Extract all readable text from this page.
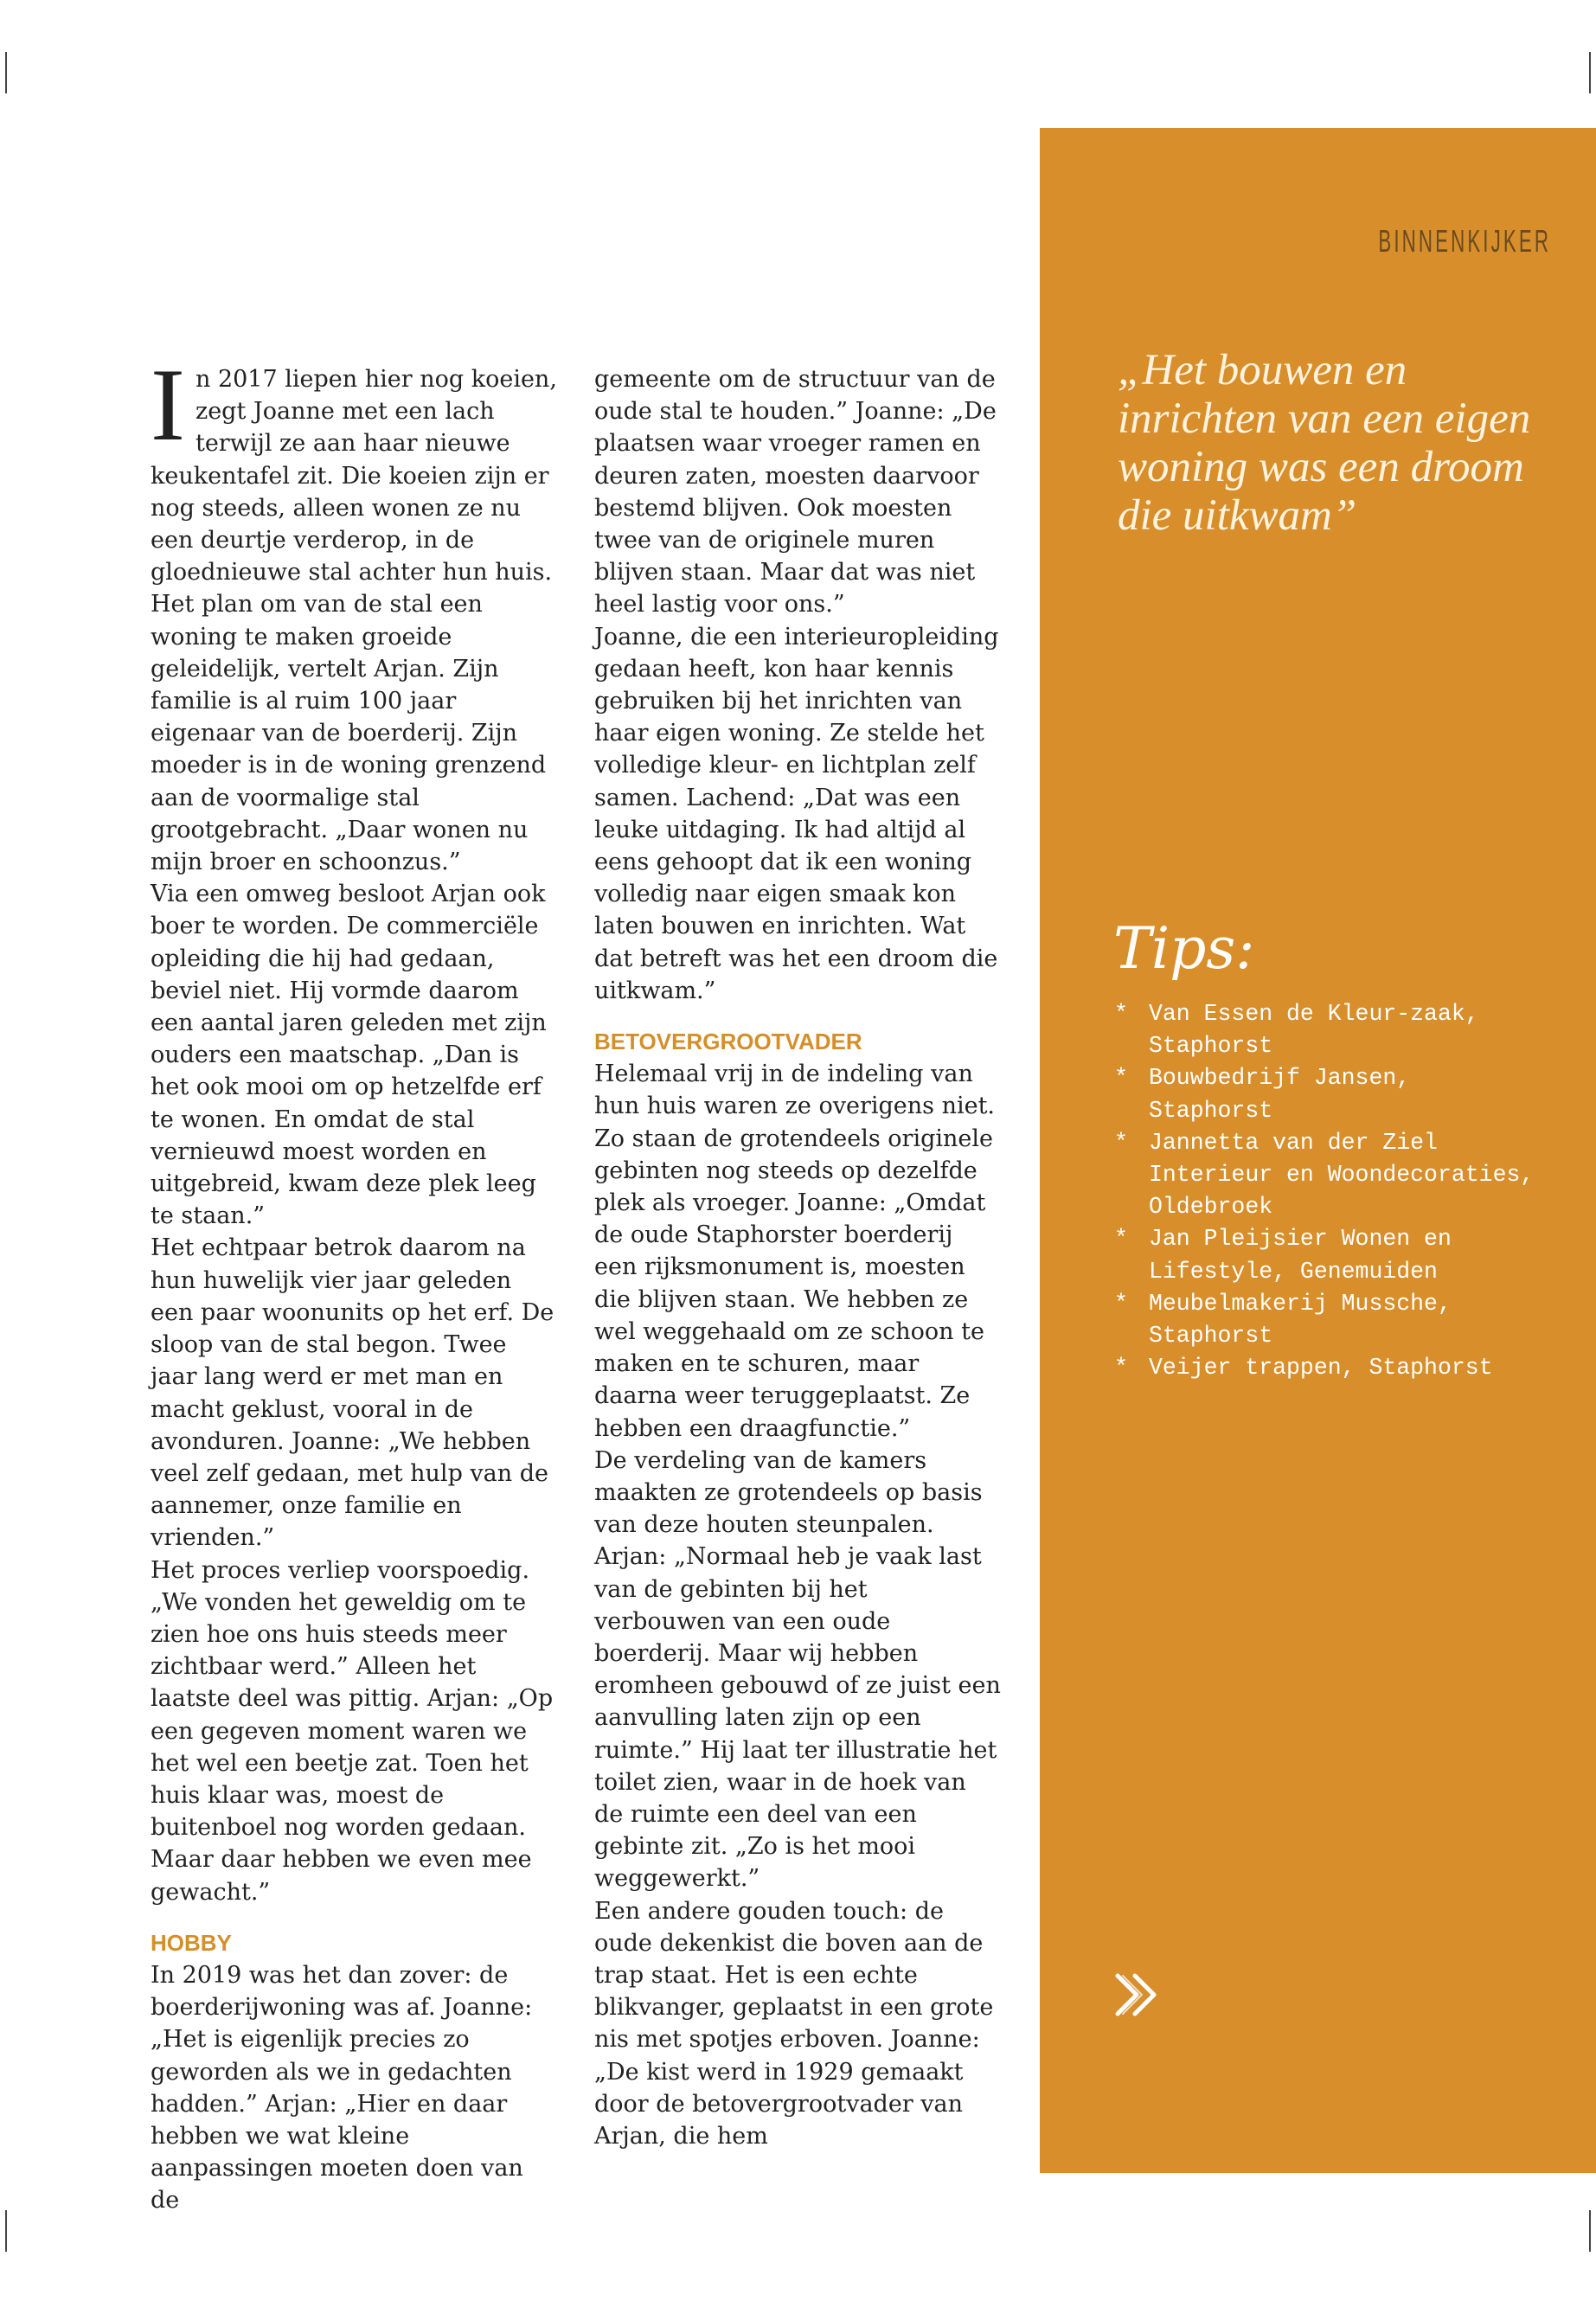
In 2017 liepen hier nog koeien, zegt Joanne met een lach terwijl ze aan haar nieuwe keukentafel zit. Die koeien zijn er nog steeds, alleen wonen ze nu een deurtje verderop, in de gloednieuwe stal achter hun huis.

Het plan om van de stal een woning te maken groeide geleidelijk, vertelt Arjan. Zijn familie is al ruim 100 jaar eigenaar van de boerderij. Zijn moeder is in de woning grenzend aan de voormalige stal grootgebracht. „Daar wonen nu mijn broer en schoonzus.”

Via een omweg besloot Arjan ook boer te worden. De commerciële opleiding die hij had gedaan, beviel niet. Hij vormde daarom een aantal jaren geleden met zijn ouders een maatschap. „Dan is het ook mooi om op hetzelfde erf te wonen. En omdat de stal vernieuwd moest worden en uitgebreid, kwam deze plek leeg te staan.”

Het echtpaar betrok daarom na hun huwelijk vier jaar geleden een paar woonunits op het erf. De sloop van de stal begon. Twee jaar lang werd er met man en macht geklust, vooral in de avonduren. Joanne: „We hebben veel zelf gedaan, met hulp van de aannemer, onze familie en vrienden.”

Het proces verliep voorspoedig. „We vonden het geweldig om te zien hoe ons huis steeds meer zichtbaar werd.” Alleen het laatste deel was pittig. Arjan: „Op een gegeven moment waren we het wel een beetje zat. Toen het huis klaar was, moest de buitenboel nog worden gedaan. Maar daar hebben we even mee gewacht.”

HOBBY

In 2019 was het dan zover: de boerderijwoning was af. Joanne: „Het is eigenlijk precies zo geworden als we in gedachten hadden.” Arjan: „Hier en daar hebben we wat kleine aanpassingen moeten doen van de

gemeente om de structuur van de oude stal te houden.” Joanne: „De plaatsen waar vroeger ramen en deuren zaten, moesten daarvoor bestemd blijven. Ook moesten twee van de originele muren blijven staan. Maar dat was niet heel lastig voor ons.”

Joanne, die een interieuropleiding gedaan heeft, kon haar kennis gebruiken bij het inrichten van haar eigen woning. Ze stelde het volledige kleur- en lichtplan zelf samen. Lachend: „Dat was een leuke uitdaging. Ik had altijd al eens gehoopt dat ik een woning volledig naar eigen smaak kon laten bouwen en inrichten. Wat dat betreft was het een droom die uitkwam.”

BETOVERGROOTVADER

Helemaal vrij in de indeling van hun huis waren ze overigens niet. Zo staan de grotendeels originele gebinten nog steeds op dezelfde plek als vroeger. Joanne: „Omdat de oude Staphorster boerderij een rijksmonument is, moesten die blijven staan. We hebben ze wel weggehaald om ze schoon te maken en te schuren, maar daarna weer teruggeplaatst. Ze hebben een draagfunctie.”

De verdeling van de kamers maakten ze grotendeels op basis van deze houten steunpalen. Arjan: „Normaal heb je vaak last van de gebinten bij het verbouwen van een oude boerderij. Maar wij hebben eromheen gebouwd of ze juist een aanvulling laten zijn op een ruimte.” Hij laat ter illustratie het toilet zien, waar in de hoek van de ruimte een deel van een gebinte zit. „Zo is het mooi weggewerkt.”

Een andere gouden touch: de oude dekenkist die boven aan de trap staat. Het is een echte blikvanger, geplaatst in een grote nis met spotjes erboven. Joanne: „De kist werd in 1929 gemaakt door de betovergrootvader van Arjan, die hem

BINNENKIJKER
„Het bouwen en inrichten van een eigen woning was een droom die uitkwam”
Tips:
* Van Essen de Kleur-zaak, Staphorst
* Bouwbedrijf Jansen, Staphorst
* Jannetta van der Ziel Interieur en Woondecoraties, Oldebroek
* Jan Pleijsier Wonen en Lifestyle, Genemuiden
* Meubelmakerij Mussche, Staphorst
* Veijer trappen, Staphorst
